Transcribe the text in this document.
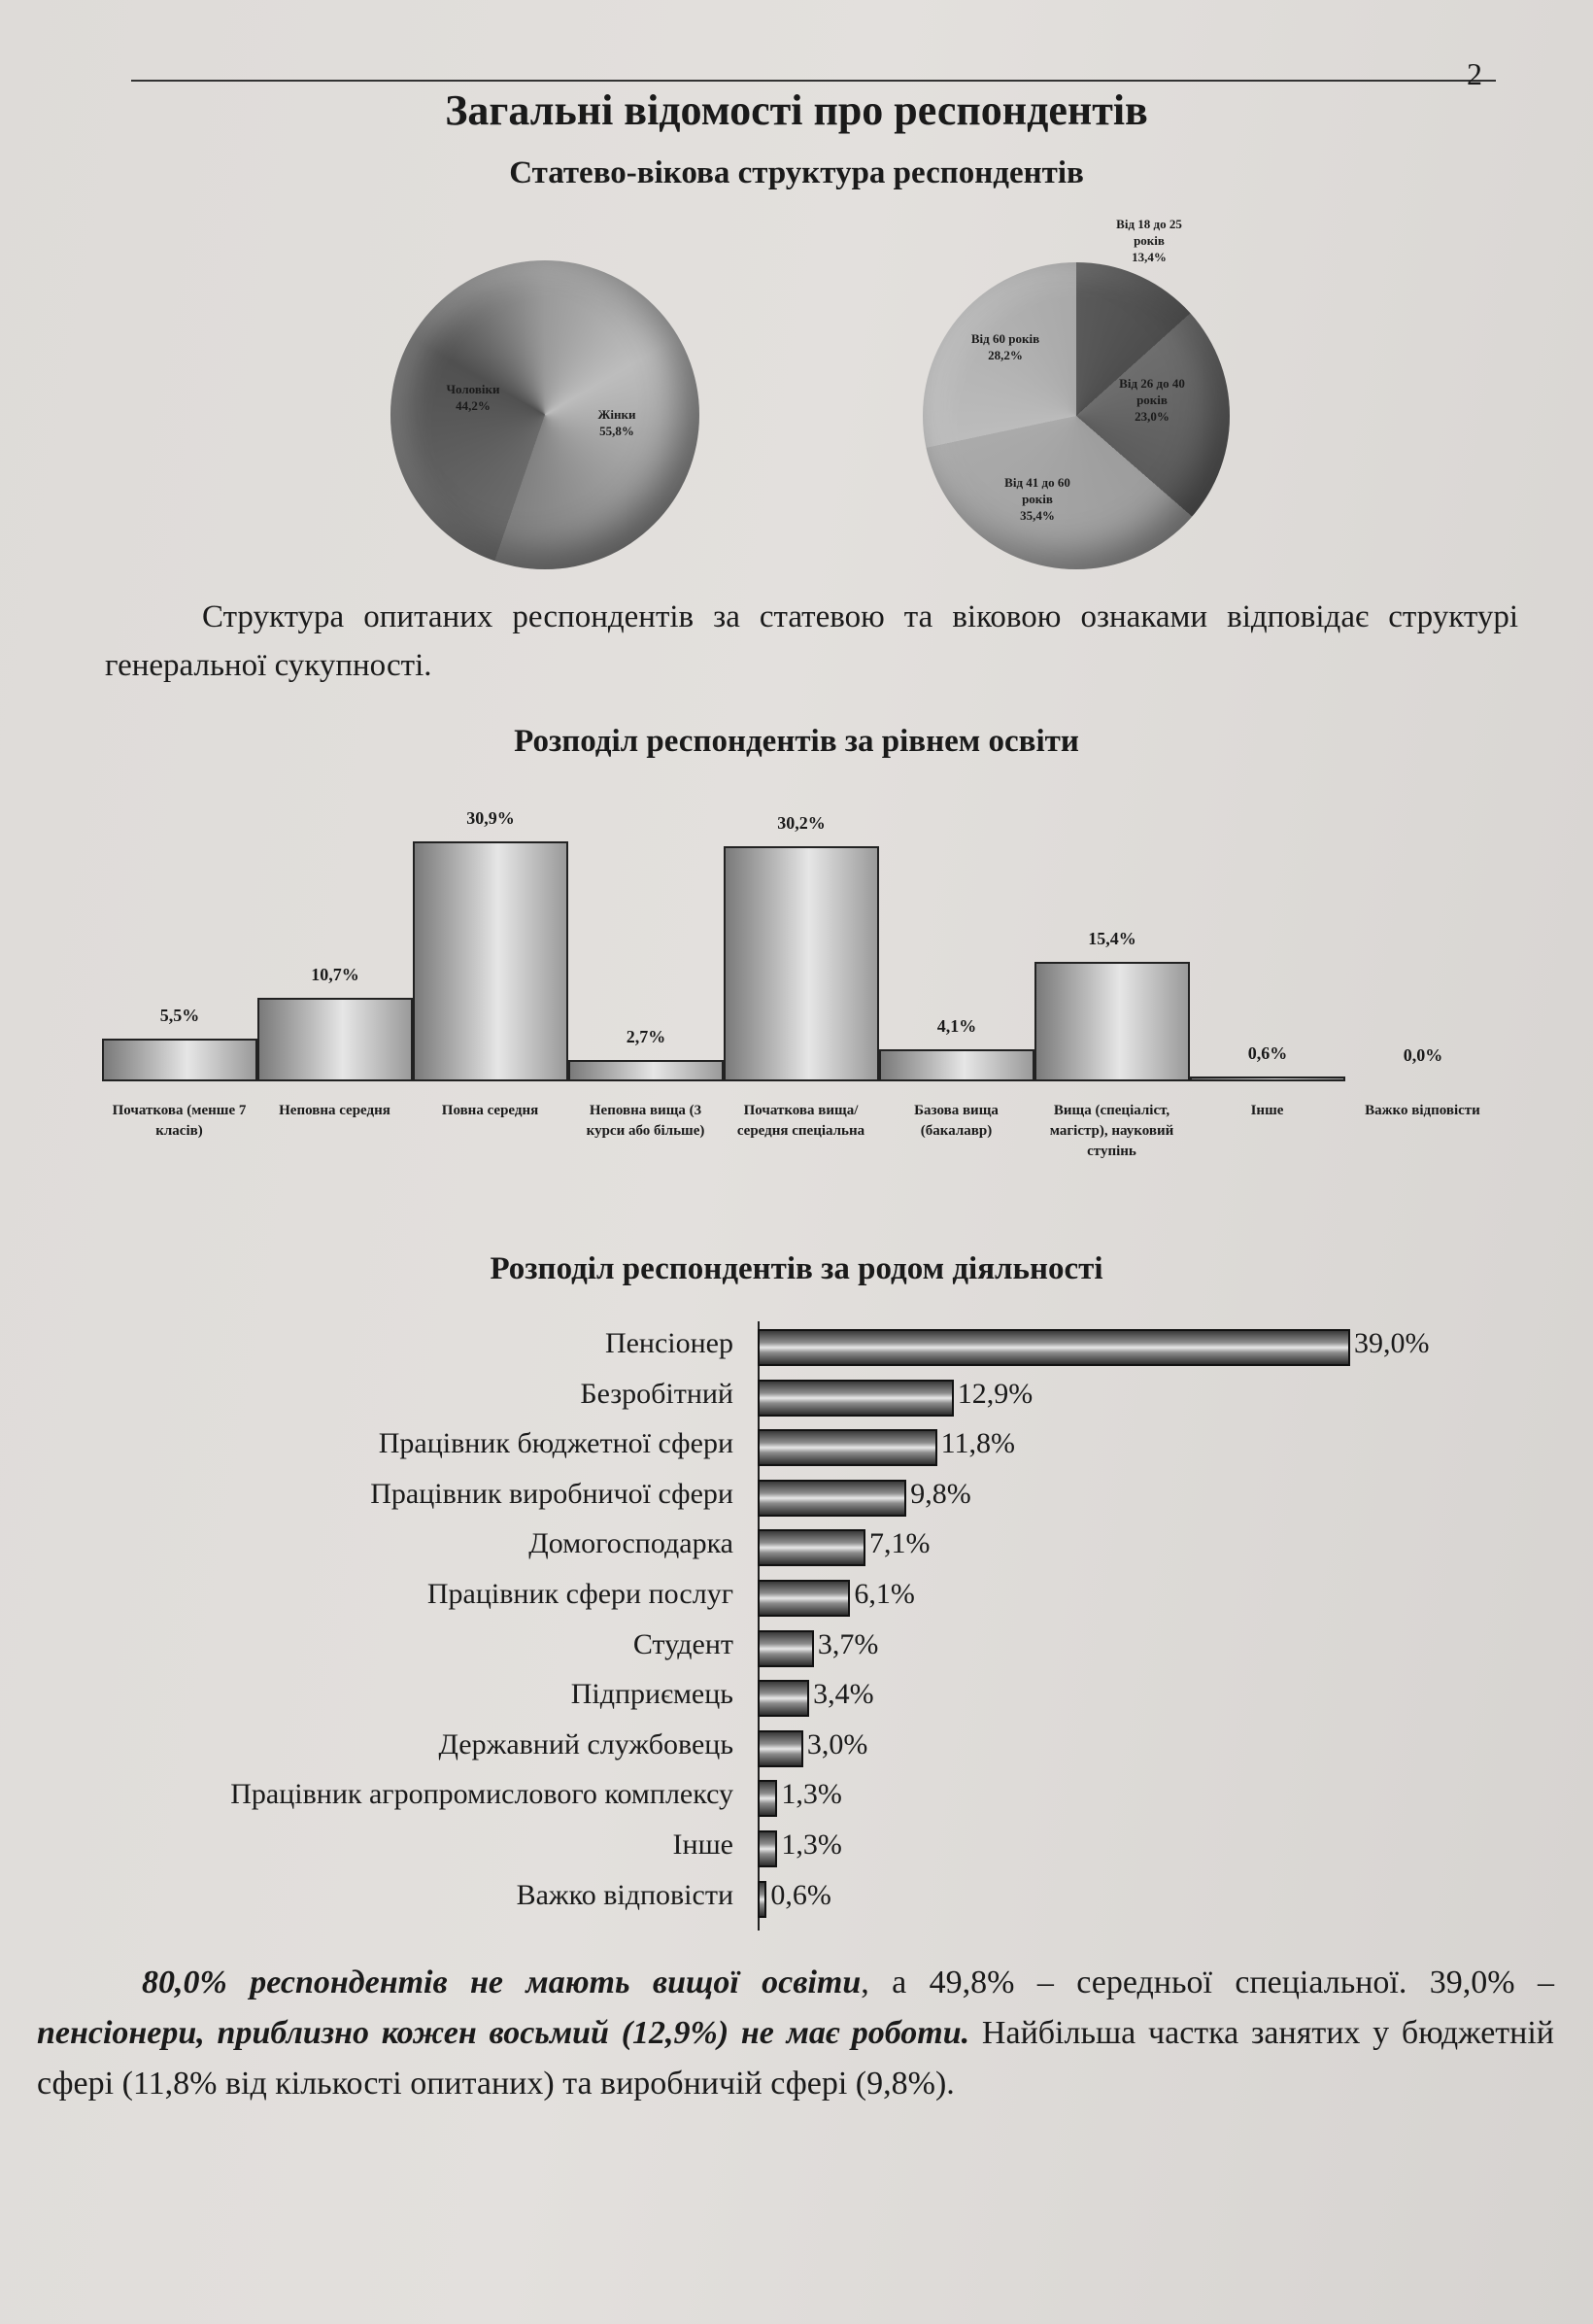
2
Загальні відомості про респондентів
Статево-вікова структура респондентів
Чоловіки
44,2%
Жінки
55,8%
Від 18 до 25 років
13,4%
Від 26 до 40 років
23,0%
Від 41 до 60 років
35,4%
Від 60 років
28,2%
Структура опитаних респондентів за статевою та віковою ознаками відповідає структурі генеральної сукупності.
Розподіл респондентів за рівнем освіти
5,5%
Початкова (менше 7 класів)
10,7%
Неповна середня
30,9%
Повна середня
2,7%
Неповна вища (3 курси або більше)
30,2%
Початкова вища/середня спеціальна
4,1%
Базова вища (бакалавр)
15,4%
Вища (спеціаліст, магістр), науковий ступінь
0,6%
Інше
0,0%
Важко відповісти
Розподіл респондентів за родом діяльності
Пенсіонер	39,0%
Безробітний	12,9%
Працівник бюджетної сфери	11,8%
Працівник виробничої сфери	9,8%
Домогосподарка	7,1%
Працівник сфери послуг	6,1%
Студент	3,7%
Підприємець	3,4%
Державний службовець	3,0%
Працівник агропромислового комплексу 1,3%
Інше 1,3%
Важко відповісти 0,6%
80,0% респондентів не мають вищої освіти, а 49,8% – середньої спеціальної. 39,0% – пенсіонери, приблизно кожен восьмий (12,9%) не має роботи. Найбільша частка занятих у бюджетній сфері (11,8% від кількості опитаних) та виробничій сфері (9,8%).
